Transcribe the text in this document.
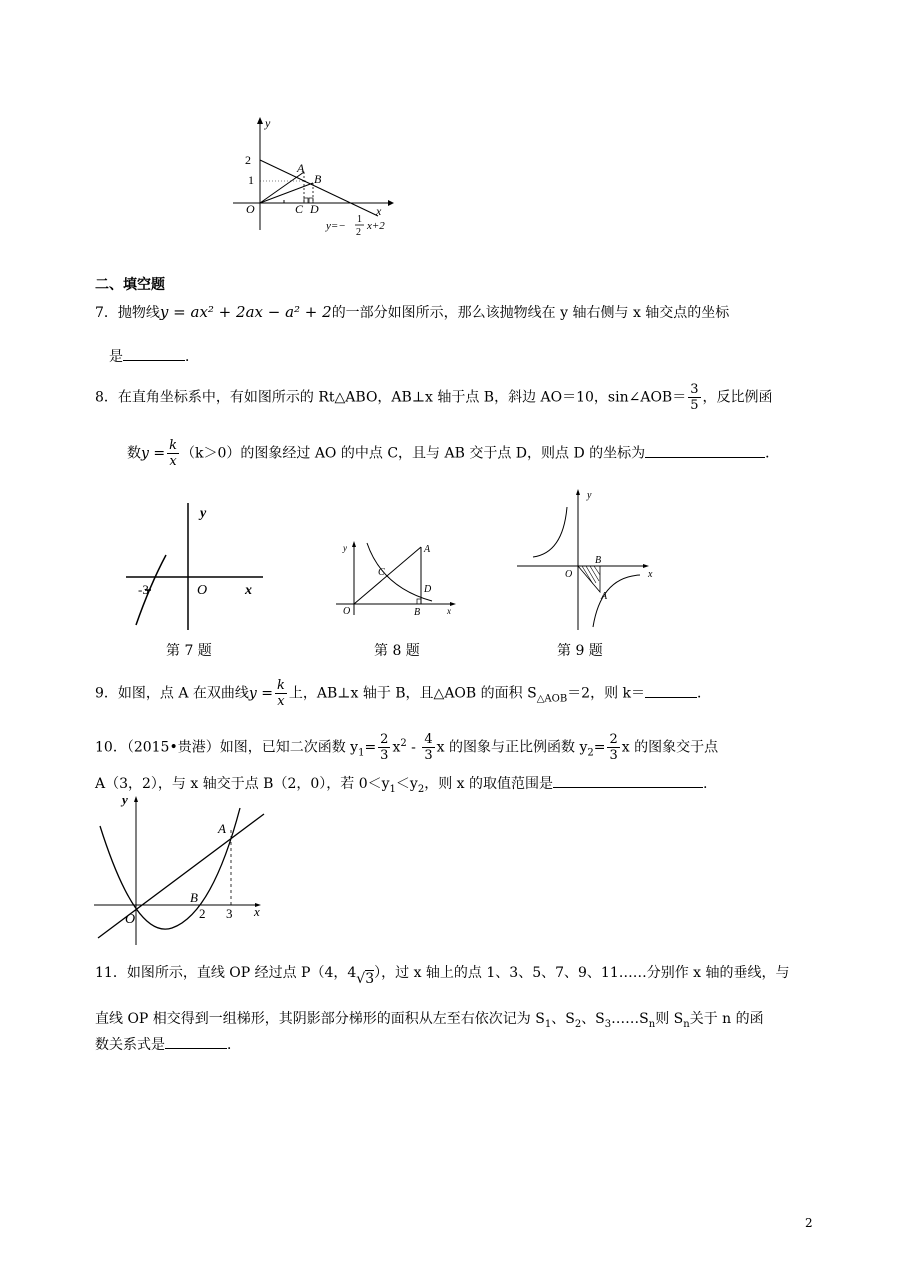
y
x
O
2
1
A
B
C D
y=−
1
2
x+2
二、填空题
7．抛物线y = ax² + 2ax − a² + 2的一部分如图所示，那么该抛物线在 y 轴右侧与 x 轴交点的坐标
是	．
8．在直角坐标系中，有如图所示的 Rt△ABO，AB⊥x 轴于点 B，斜边 AO＝10，sin∠AOB＝ $\frac{3}{5}$ ，反比例函
数$y = \frac{k}{x} (k>0)$的图象经过 AO 的中点 C，且与 AB 交于点 D，则点 D 的坐标为	．
y
x
O
-3
第 7 题
y	A
C
D
O	B	x
第 8 题
y
x
O
B
A
第 9 题
9．如图，点 A 在双曲线$y = \frac{k}{x}$ 上，AB⊥x 轴于 B，且△AOB 的面积 $S_{\triangle AOB}=2$，则 k＝	．
10．（2015•贵港）如图，已知二次函数 $y_1= \frac{2}{3} x^2 - \frac{4}{3}$ x 的图象与正比例函数 $y_2= \frac{2}{3}$ x 的图象交于点
A（3，2），与 x 轴交于点 B（2，0），若 $0<y_1<y_2$，则 x 的取值范围是	.
y
x
O
A
B
2 3
11．如图所示，直线 OP 经过点 P（4，4√3），过 x 轴上的点 1、3、5、7、9、11……分别作 x 轴的垂线，与
直线 OP 相交得到一组梯形，其阴影部分梯形的面积从左至右依次记为 $S_1$、$S_2$、$S_3\dots\dots S_n$则 $S_n$关于 n 的函
数关系式是	．
2
